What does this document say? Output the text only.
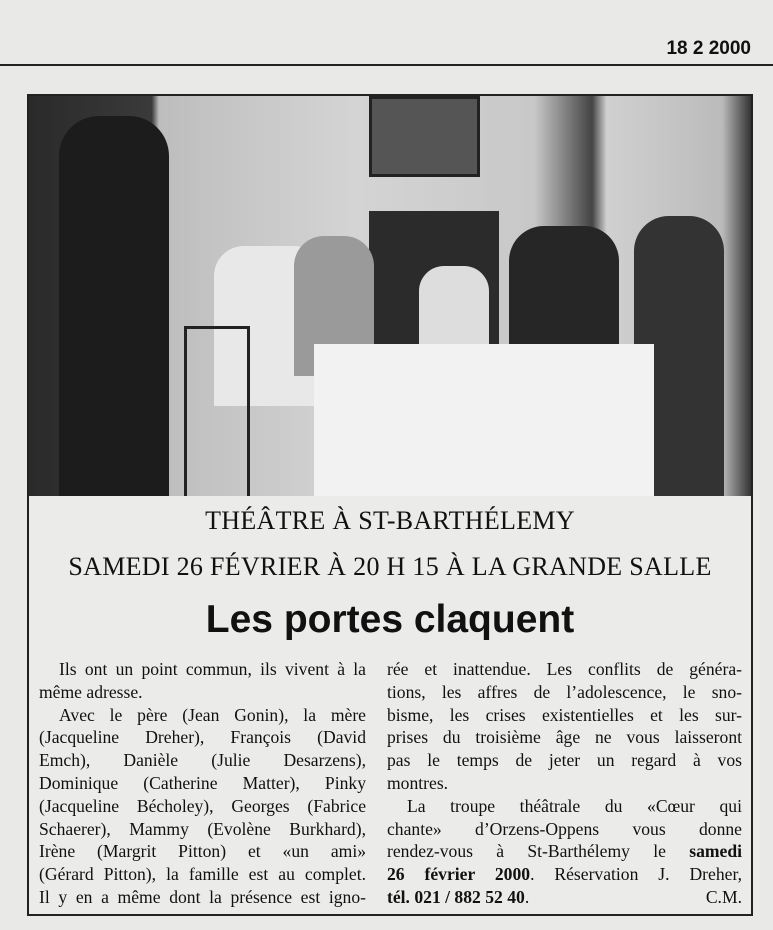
18 2 2000
THÉÂTRE À ST-BARTHÉLEMY
SAMEDI 26 FÉVRIER À 20 H 15 À LA GRANDE SALLE
Les portes claquent
Ils ont un point commun, ils vivent à la
même adresse.
Avec le père (Jean Gonin), la mère
(Jacqueline Dreher), François (David
Emch), Danièle (Julie Desarzens),
Dominique (Catherine Matter), Pinky
(Jacqueline Bécholey), Georges (Fabrice
Schaerer), Mammy (Evolène Burkhard),
Irène (Margrit Pitton) et «un ami»
(Gérard Pitton), la famille est au complet.
Il y en a même dont la présence est igno-
rée et inattendue. Les conflits de généra-
tions, les affres de l’adolescence, le sno-
bisme, les crises existentielles et les sur-
prises du troisième âge ne vous laisseront
pas le temps de jeter un regard à vos
montres.
La troupe théâtrale du «Cœur qui
chante» d’Orzens-Oppens vous donne
rendez-vous à St-Barthélemy le samedi
26 février 2000. Réservation J. Dreher,
tél. 021 / 882 52 40.	C.M.
